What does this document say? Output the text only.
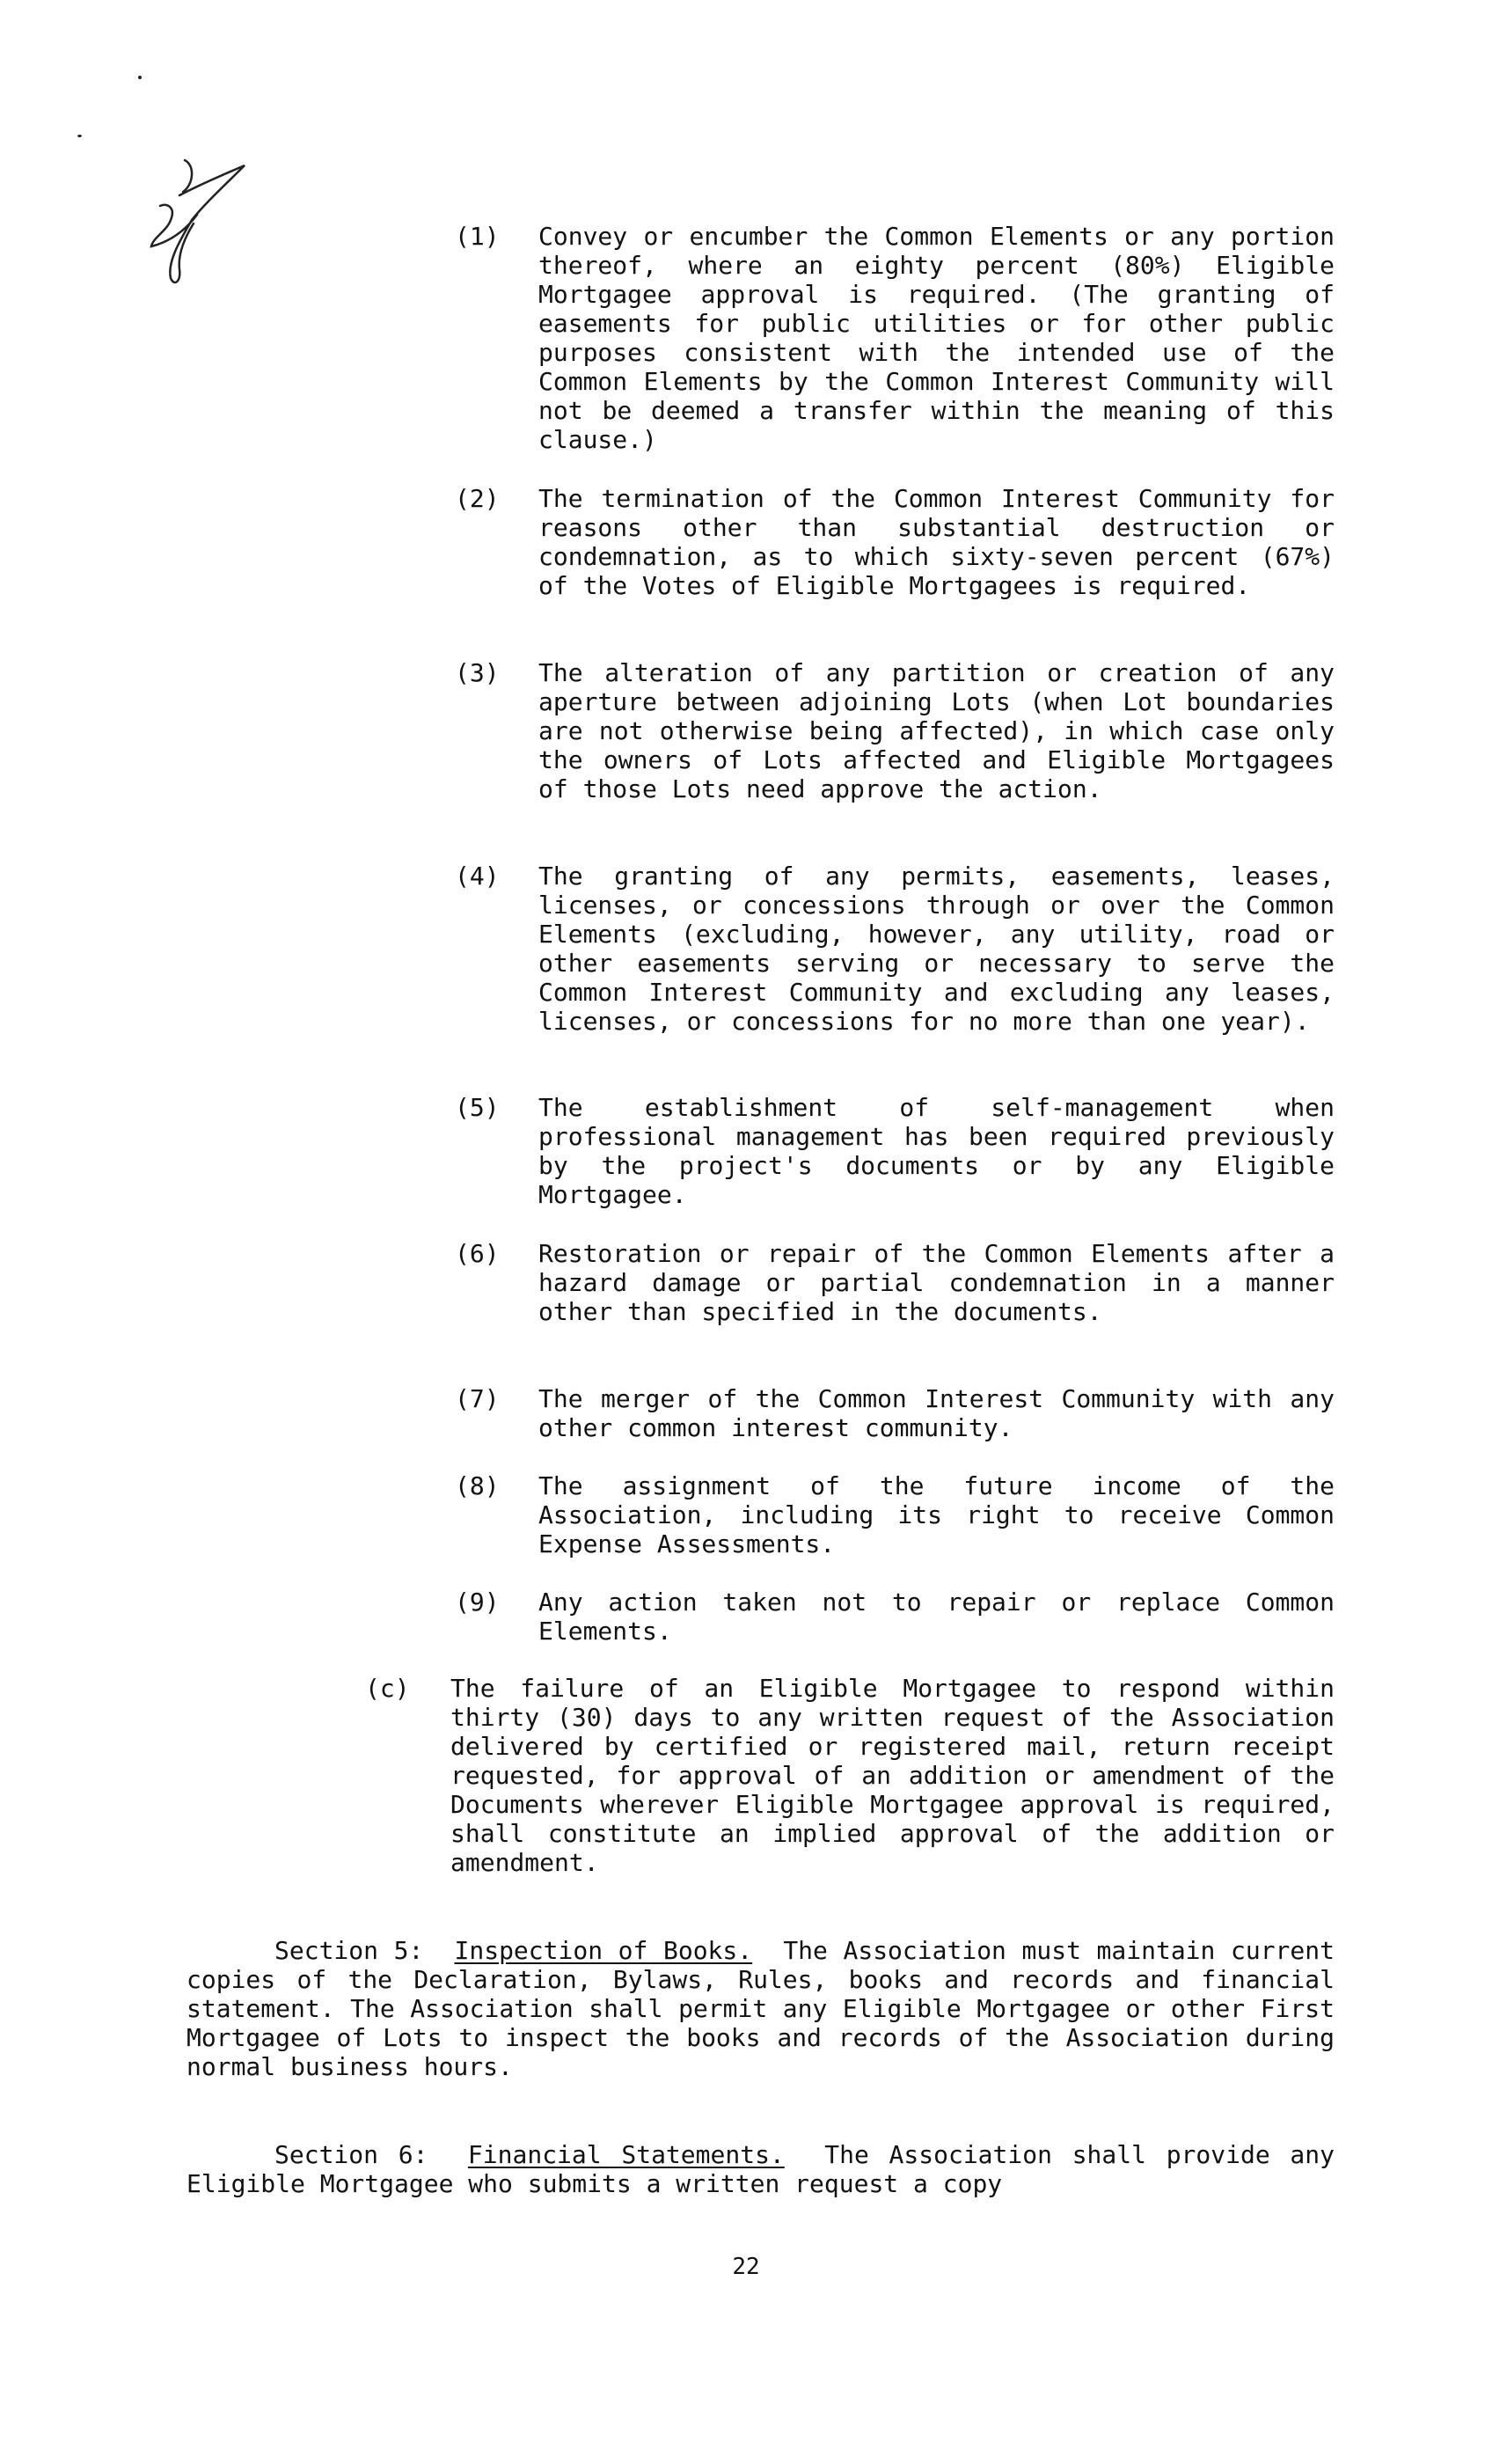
(1) Convey or encumber the Common Elements or any portion thereof, where an eighty percent (80%) Eligible Mortgagee approval is required. (The granting of easements for public utilities or for other public purposes consistent with the intended use of the Common Elements by the Common Interest Community will not be deemed a transfer within the meaning of this clause.)
(2) The termination of the Common Interest Community for reasons other than substantial destruction or condemnation, as to which sixty-seven percent (67%) of the Votes of Eligible Mortgagees is required.
(3) The alteration of any partition or creation of any aperture between adjoining Lots (when Lot boundaries are not otherwise being affected), in which case only the owners of Lots affected and Eligible Mortgagees of those Lots need approve the action.
(4) The granting of any permits, easements, leases, licenses, or concessions through or over the Common Elements (excluding, however, any utility, road or other easements serving or necessary to serve the Common Interest Community and excluding any leases, licenses, or concessions for no more than one year).
(5) The establishment of self-management when professional management has been required previously by the project's documents or by any Eligible Mortgagee.
(6) Restoration or repair of the Common Elements after a hazard damage or partial condemnation in a manner other than specified in the documents.
(7) The merger of the Common Interest Community with any other common interest community.
(8) The assignment of the future income of the Association, including its right to receive Common Expense Assessments.
(9) Any action taken not to repair or replace Common Elements.
(c) The failure of an Eligible Mortgagee to respond within thirty (30) days to any written request of the Association delivered by certified or registered mail, return receipt requested, for approval of an addition or amendment of the Documents wherever Eligible Mortgagee approval is required, shall constitute an implied approval of the addition or amendment.
Section 5: Inspection of Books. The Association must maintain current copies of the Declaration, Bylaws, Rules, books and records and financial statement. The Association shall permit any Eligible Mortgagee or other First Mortgagee of Lots to inspect the books and records of the Association during normal business hours.
Section 6: Financial Statements. The Association shall provide any Eligible Mortgagee who submits a written request a copy
22
